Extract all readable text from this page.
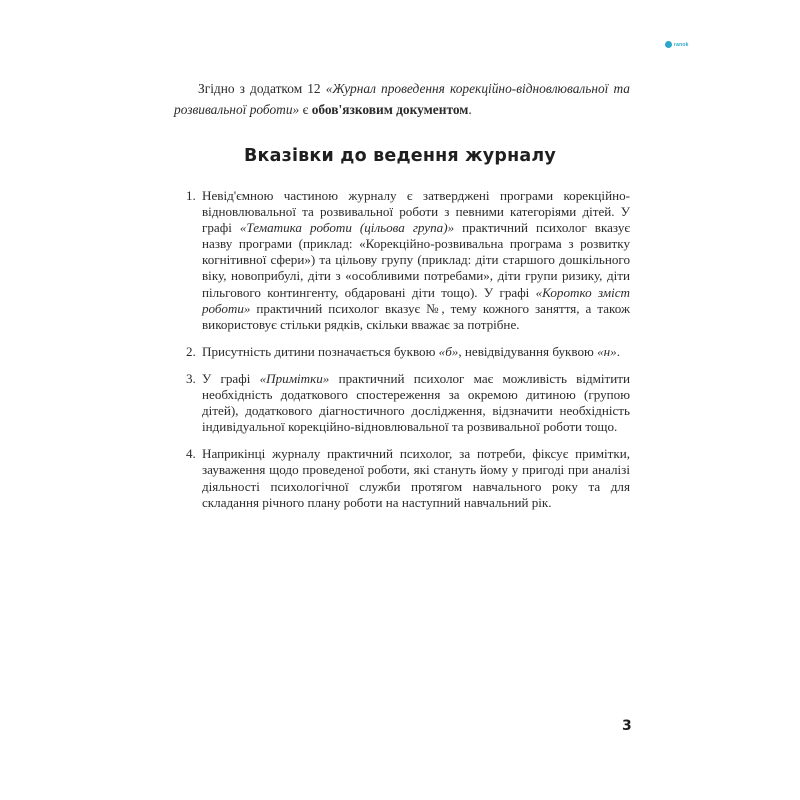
ranok

Згідно з додатком 12 «Журнал проведення корекційно-відновлювальної та розвивальної роботи» є обов'язковим документом.

Вказівки до ведення журналу
1. Невід'ємною частиною журналу є затверджені програми корекційно-відновлювальної та розвивальної роботи з певними категоріями дітей. У графі «Тематика роботи (цільова група)» практичний психолог вказує назву програми (приклад: «Корекційно-розвивальна програма з розвитку когнітивної сфери») та цільову групу (приклад: діти старшого дошкільного віку, новоприбулі, діти з «особливими потребами», діти групи ризику, діти пільгового контингенту, обдаровані діти тощо). У графі «Коротко зміст роботи» практичний психолог вказує №, тему кожного заняття, а також використовує стільки рядків, скільки вважає за потрібне.
2. Присутність дитини позначається буквою «б», невідвідування буквою «н».
3. У графі «Примітки» практичний психолог має можливість відмітити необхідність додаткового спостереження за окремою дитиною (групою дітей), додаткового діагностичного дослідження, відзначити необхідність індивідуальної корекційно-відновлювальної та розвивальної роботи тощо.
4. Наприкінці журналу практичний психолог, за потреби, фіксує примітки, зауваження щодо проведеної роботи, які стануть йому у пригоді при аналізі діяльності психологічної служби протягом навчального року та для складання річного плану роботи на наступний навчальний рік.
3
